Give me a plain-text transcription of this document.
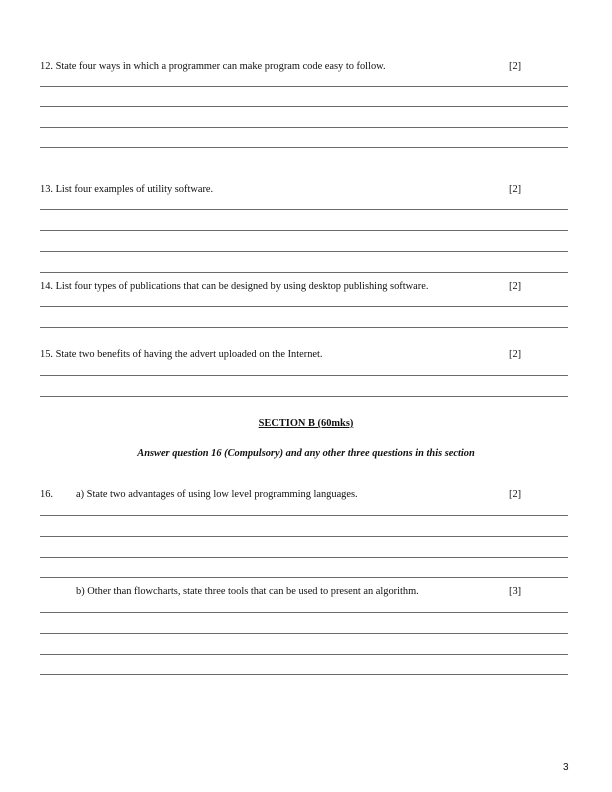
12. State four ways in which a programmer can make program code easy to follow.	[2]
13. List four examples of utility software.	[2]
14. List four types of publications that can be designed by using desktop publishing software.	[2]
15. State two benefits of having the advert uploaded on the Internet.	[2]
SECTION B (60mks)
Answer question 16 (Compulsory) and any other three questions in this section
16. a) State two advantages of using low level programming languages.	[2]
b) Other than flowcharts, state three tools that can be used to present an algorithm.	[3]
3
